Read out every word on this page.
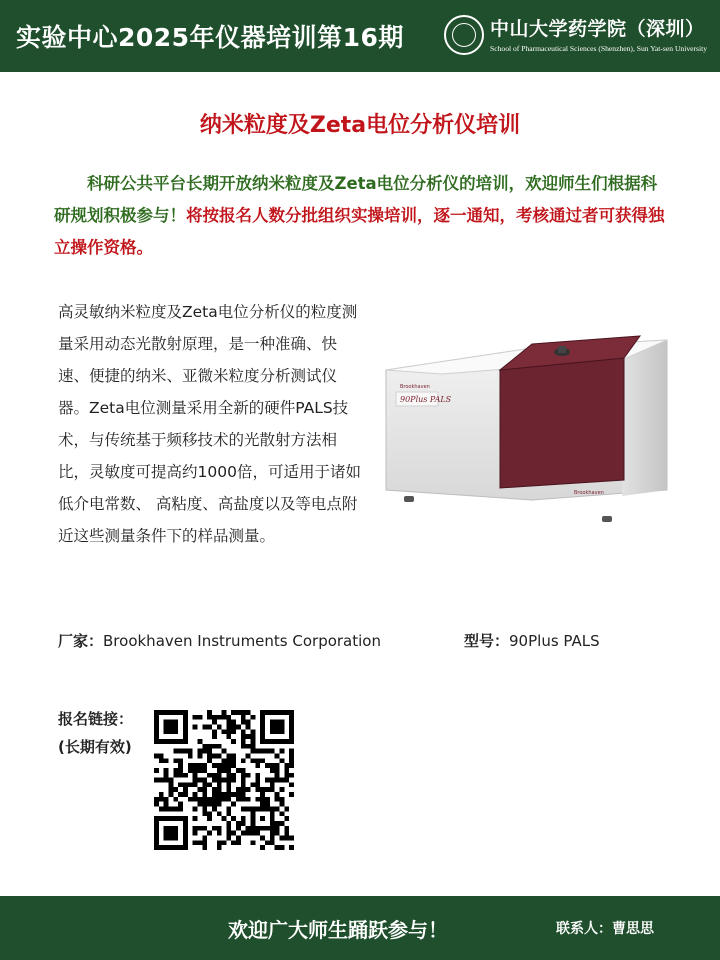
实验中心2025年仪器培训第16期	中山大学药学院（深圳）
School of Pharmaceutical Sciences (Shenzhen), Sun Yat-sen University
纳米粒度及Zeta电位分析仪培训
科研公共平台长期开放纳米粒度及Zeta电位分析仪的培训，欢迎师生们根据科研规划积极参与！将按报名人数分批组织实操培训，逐一通知，考核通过者可获得独立操作资格。
高灵敏纳米粒度及Zeta电位分析仪的粒度测量采用动态光散射原理，是一种准确、快速、便捷的纳米、亚微米粒度分析测试仪器。Zeta电位测量采用全新的硬件PALS技术，与传统基于频移技术的光散射方法相比，灵敏度可提高约1000倍，可适用于诸如低介电常数、 高粘度、高盐度以及等电点附近这些测量条件下的样品测量。
90Plus PALS
Brookhaven
Brookhaven
厂家：Brookhaven Instruments Corporation	型号：90Plus PALS
报名链接：
(长期有效)
欢迎广大师生踊跃参与！	联系人：曹思思
